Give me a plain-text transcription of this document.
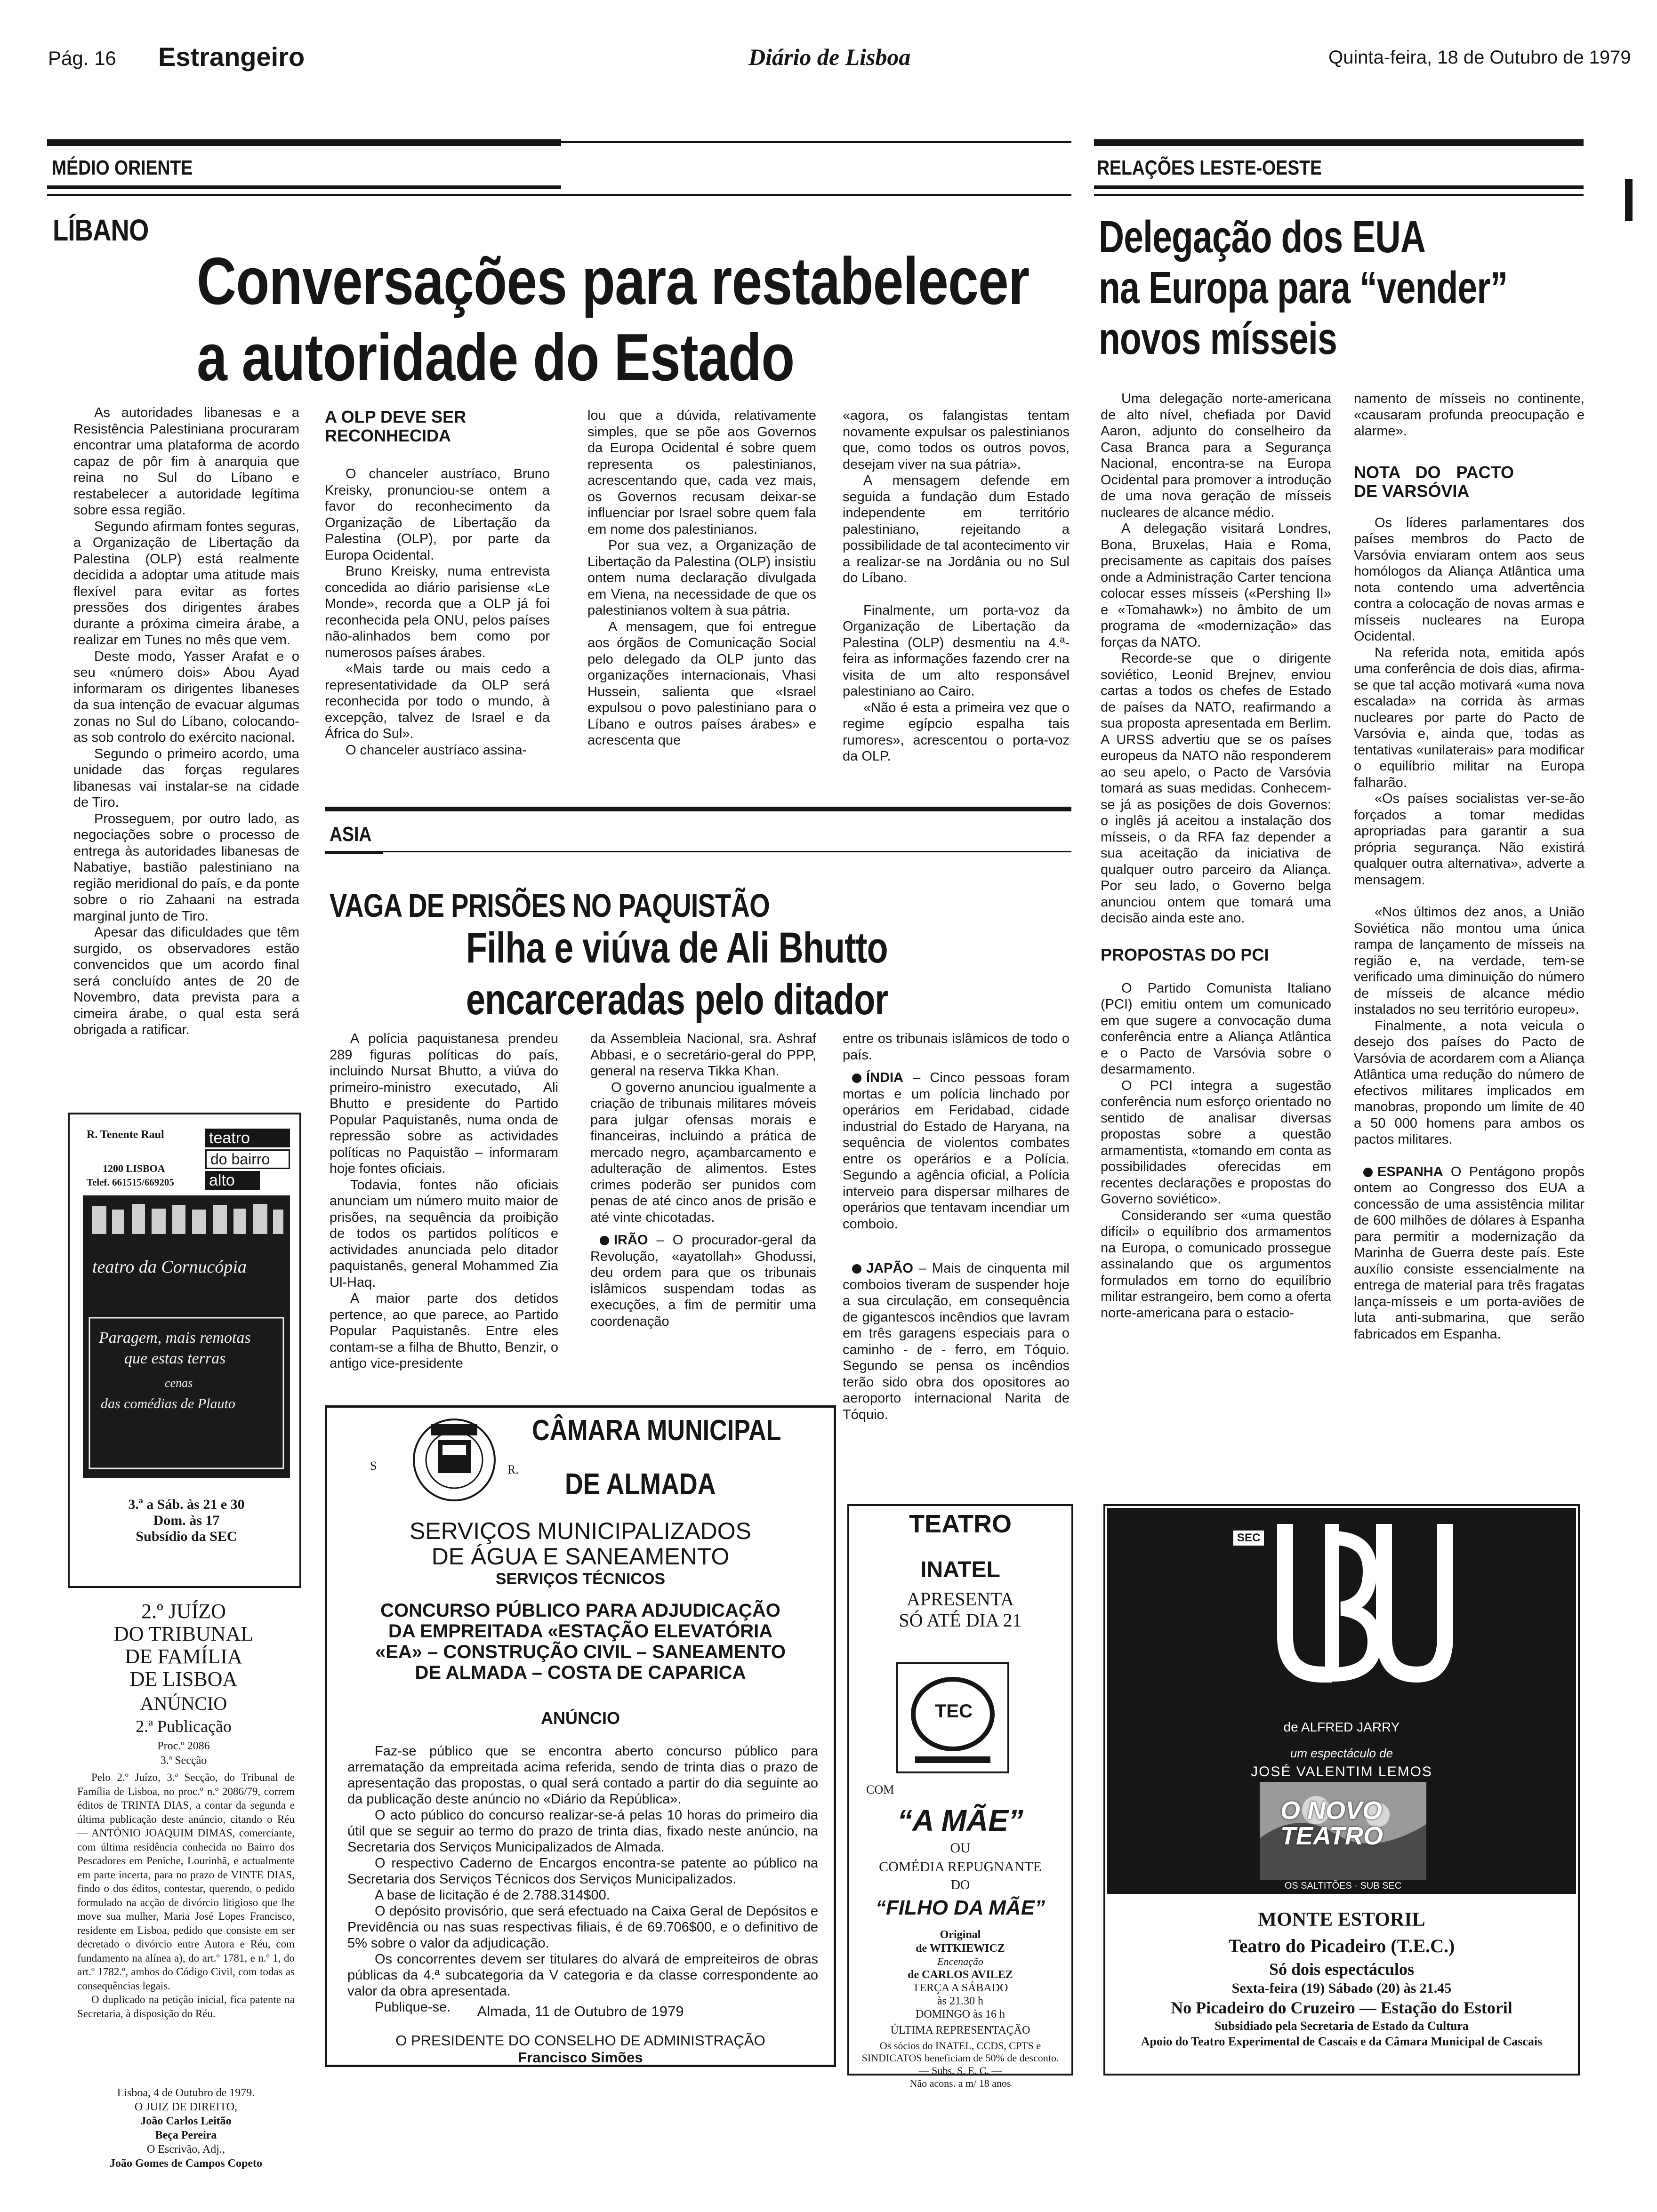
Pág. 16 Estrangeiro	Diário de Lisboa	Quinta-feira, 18 de Outubro de 1979
MÉDIO ORIENTE
LÍBANO
Conversações para restabelecer
a autoridade do Estado

As autoridades libanesas e a Resistência Palestiniana procuraram encontrar uma plataforma de acordo capaz de pôr fim à anarquia que reina no Sul do Líbano e restabelecer a autoridade legítima sobre essa região.

Segundo afirmam fontes seguras, a Organização de Libertação da Palestina (OLP) está realmente decidida a adoptar uma atitude mais flexível para evitar as fortes pressões dos dirigentes árabes durante a próxima cimeira árabe, a realizar em Tunes no mês que vem.

Deste modo, Yasser Arafat e o seu «número dois» Abou Ayad informaram os dirigentes libaneses da sua intenção de evacuar algumas zonas no Sul do Líbano, colocando-as sob controlo do exército nacional.

Segundo o primeiro acordo, uma unidade das forças regulares libanesas vai instalar-se na cidade de Tiro.

Prosseguem, por outro lado, as negociações sobre o processo de entrega às autoridades libanesas de Nabatiye, bastião palestiniano na região meridional do país, e da ponte sobre o rio Zahaani na estrada marginal junto de Tiro.

Apesar das dificuldades que têm surgido, os observadores estão convencidos que um acordo final será concluído antes de 20 de Novembro, data prevista para a cimeira árabe, o qual esta será obrigada a ratificar.

A OLP DEVE SER RECONHECIDA

O chanceler austríaco, Bruno Kreisky, pronunciou-se ontem a favor do reconhecimento da Organização de Libertação da Palestina (OLP), por parte da Europa Ocidental.

Bruno Kreisky, numa entrevista concedida ao diário parisiense «Le Monde», recorda que a OLP já foi reconhecida pela ONU, pelos países não-alinhados bem como por numerosos países árabes.

«Mais tarde ou mais cedo a representatividade da OLP será reconhecida por todo o mundo, à excepção, talvez de Israel e da África do Sul».

O chanceler austríaco assina-

lou que a dúvida, relativamente simples, que se põe aos Governos da Europa Ocidental é sobre quem representa os palestinianos, acrescentando que, cada vez mais, os Governos recusam deixar-se influenciar por Israel sobre quem fala em nome dos palestinianos.

Por sua vez, a Organização de Libertação da Palestina (OLP) insistiu ontem numa declaração divulgada em Viena, na necessidade de que os palestinianos voltem à sua pátria.

A mensagem, que foi entregue aos órgãos de Comunicação Social pelo delegado da OLP junto das organizações internacionais, Vhasi Hussein, salienta que «Israel expulsou o povo palestiniano para o Líbano e outros países árabes» e acrescenta que

«agora, os falangistas tentam novamente expulsar os palestinianos que, como todos os outros povos, desejam viver na sua pátria».

A mensagem defende em seguida a fundação dum Estado independente em território palestiniano, rejeitando a possibilidade de tal acontecimento vir a realizar-se na Jordânia ou no Sul do Líbano.

Finalmente, um porta-voz da Organização de Libertação da Palestina (OLP) desmentiu na 4.ª-feira as informações fazendo crer na visita de um alto responsável palestiniano ao Cairo.

«Não é esta a primeira vez que o regime egípcio espalha tais rumores», acrescentou o porta-voz da OLP.

ASIA
VAGA DE PRISÕES NO PAQUISTÃO
Filha e viúva de Ali Bhutto
encarceradas pelo ditador

A polícia paquistanesa prendeu 289 figuras políticas do país, incluindo Nursat Bhutto, a viúva do primeiro-ministro executado, Ali Bhutto e presidente do Partido Popular Paquistanês, numa onda de repressão sobre as actividades políticas no Paquistão – informaram hoje fontes oficiais.

Todavia, fontes não oficiais anunciam um número muito maior de prisões, na sequência da proibição de todos os partidos políticos e actividades anunciada pelo ditador paquistanês, general Mohammed Zia Ul-Haq.

A maior parte dos detidos pertence, ao que parece, ao Partido Popular Paquistanês. Entre eles contam-se a filha de Bhutto, Benzir, o antigo vice-presidente

da Assembleia Nacional, sra. Ashraf Abbasi, e o secretário-geral do PPP, general na reserva Tikka Khan.

O governo anunciou igualmente a criação de tribunais militares móveis para julgar ofensas morais e financeiras, incluindo a prática de mercado negro, açambarcamento e adulteração de alimentos. Estes crimes poderão ser punidos com penas de até cinco anos de prisão e até vinte chicotadas.

IRÃO – O procurador-geral da Revolução, «ayatollah» Ghodussi, deu ordem para que os tribunais islâmicos suspendam todas as execuções, a fim de permitir uma coordenação

entre os tribunais islâmicos de todo o país.

ÍNDIA – Cinco pessoas foram mortas e um polícia linchado por operários em Feridabad, cidade industrial do Estado de Haryana, na sequência de violentos combates entre os operários e a Polícia. Segundo a agência oficial, a Polícia interveio para dispersar milhares de operários que tentavam incendiar um comboio.

JAPÃO – Mais de cinquenta mil comboios tiveram de suspender hoje a sua circulação, em consequência de gigantescos incêndios que lavram em três garagens especiais para o caminho - de - ferro, em Tóquio. Segundo se pensa os incêndios terão sido obra dos opositores ao aeroporto internacional Narita de Tóquio.

RELAÇÕES LESTE-OESTE
Delegação dos EUA
na Europa para “vender”
novos mísseis

Uma delegação norte-americana de alto nível, chefiada por David Aaron, adjunto do conselheiro da Casa Branca para a Segurança Nacional, encontra-se na Europa Ocidental para promover a introdução de uma nova geração de mísseis nucleares de alcance médio.

A delegação visitará Londres, Bona, Bruxelas, Haia e Roma, precisamente as capitais dos países onde a Administração Carter tenciona colocar esses mísseis («Pershing II» e «Tomahawk») no âmbito de um programa de «modernização» das forças da NATO.

Recorde-se que o dirigente soviético, Leonid Brejnev, enviou cartas a todos os chefes de Estado de países da NATO, reafirmando a sua proposta apresentada em Berlim. A URSS advertiu que se os países europeus da NATO não responderem ao seu apelo, o Pacto de Varsóvia tomará as suas medidas. Conhecem-se já as posições de dois Governos: o inglês já aceitou a instalação dos mísseis, o da RFA faz depender a sua aceitação da iniciativa de qualquer outro parceiro da Aliança. Por seu lado, o Governo belga anunciou ontem que tomará uma decisão ainda este ano.

PROPOSTAS DO PCI

O Partido Comunista Italiano (PCI) emitiu ontem um comunicado em que sugere a convocação duma conferência entre a Aliança Atlântica e o Pacto de Varsóvia sobre o desarmamento.

O PCI integra a sugestão conferência num esforço orientado no sentido de analisar diversas propostas sobre a questão armamentista, «tomando em conta as possibilidades oferecidas em recentes declarações e propostas do Governo soviético».

Considerando ser «uma questão difícil» o equilíbrio dos armamentos na Europa, o comunicado prossegue assinalando que os argumentos formulados em torno do equilíbrio militar estrangeiro, bem como a oferta norte-americana para o estacio-

namento de mísseis no continente, «causaram profunda preocupação e alarme».

NOTA DO PACTO DE VARSÓVIA

Os líderes parlamentares dos países membros do Pacto de Varsóvia enviaram ontem aos seus homólogos da Aliança Atlântica uma nota contendo uma advertência contra a colocação de novas armas e mísseis nucleares na Europa Ocidental.

Na referida nota, emitida após uma conferência de dois dias, afirma-se que tal acção motivará «uma nova escalada» na corrida às armas nucleares por parte do Pacto de Varsóvia e, ainda que, todas as tentativas «unilaterais» para modificar o equilíbrio militar na Europa falharão.

«Os países socialistas ver-se-ão forçados a tomar medidas apropriadas para garantir a sua própria segurança. Não existirá qualquer outra alternativa», adverte a mensagem.

«Nos últimos dez anos, a União Soviética não montou uma única rampa de lançamento de mísseis na região e, na verdade, tem-se verificado uma diminuição do número de mísseis de alcance médio instalados no seu território europeu».

Finalmente, a nota veicula o desejo dos países do Pacto de Varsóvia de acordarem com a Aliança Atlântica uma redução do número de efectivos militares implicados em manobras, propondo um limite de 40 a 50 000 homens para ambos os pactos militares.

ESPANHA O Pentágono propôs ontem ao Congresso dos EUA a concessão de uma assistência militar de 600 milhões de dólares à Espanha para permitir a modernização da Marinha de Guerra deste país. Este auxílio consiste essencialmente na entrega de material para três fragatas lança-mísseis e um porta-aviões de luta anti-submarina, que serão fabricados em Espanha.

R. Tenente Raul
1200 LISBOA
Telef. 661515/669205
teatro
do bairro
alto
teatro da Cornucópia
Paragem, mais remotas
que estas terras
cenas
das comédias de Plauto
3.ª a Sáb. às 21 e 30
Dom. às 17
Subsídio da SEC
2.º JUÍZO
DO TRIBUNAL
DE FAMÍLIA
DE LISBOA
ANÚNCIO
2.ª Publicação
Proc.º 2086
3.ª Secção
Pelo 2.º Juízo, 3.ª Secção, do Tribunal de Família de Lisboa, no proc.º n.º 2086/79, correm éditos de TRINTA DIAS, a contar da segunda e última publicação deste anúncio, citando o Réu — ANTÓNIO JOAQUIM DIMAS, comerciante, com última residência conhecida no Bairro dos Pescadores em Peniche, Lourinhã, e actualmente em parte incerta, para no prazo de VINTE DIAS, findo o dos éditos, contestar, querendo, o pedido formulado na acção de divórcio litigioso que lhe move sua mulher, Maria José Lopes Francisco, residente em Lisboa, pedido que consiste em ser decretado o divórcio entre Autora e Réu, com fundamento na alínea a), do art.º 1781, e n.º 1, do art.º 1782.º, ambos do Código Civil, com todas as consequências legais.
O duplicado na petição inicial, fica patente na Secretaria, à disposição do Réu.
Lisboa, 4 de Outubro de 1979.
O JUIZ DE DIREITO,
João Carlos Leitão
Beça Pereira
O Escrivão, Adj.,
João Gomes de Campos Copeto
S	R.
CÂMARA MUNICIPAL
DE ALMADA
SERVIÇOS MUNICIPALIZADOS
DE ÁGUA E SANEAMENTO
SERVIÇOS TÉCNICOS
CONCURSO PÚBLICO PARA ADJUDICAÇÃO
DA EMPREITADA «ESTAÇÃO ELEVATÓRIA
«EA» – CONSTRUÇÃO CIVIL – SANEAMENTO
DE ALMADA – COSTA DE CAPARICA
ANÚNCIO

Faz-se público que se encontra aberto concurso público para arrematação da empreitada acima referida, sendo de trinta dias o prazo de apresentação das propostas, o qual será contado a partir do dia seguinte ao da publicação deste anúncio no «Diário da República».

O acto público do concurso realizar-se-á pelas 10 horas do primeiro dia útil que se seguir ao termo do prazo de trinta dias, fixado neste anúncio, na Secretaria dos Serviços Municipalizados de Almada.

O respectivo Caderno de Encargos encontra-se patente ao público na Secretaria dos Serviços Técnicos dos Serviços Municipalizados.

A base de licitação é de 2.788.314$00.

O depósito provisório, que será efectuado na Caixa Geral de Depósitos e Previdência ou nas suas respectivas filiais, é de 69.706$00, e o definitivo de 5% sobre o valor da adjudicação.

Os concorrentes devem ser titulares do alvará de empreiteiros de obras públicas da 4.ª subcategoria da V categoria e da classe correspondente ao valor da obra apresentada.

Publique-se.	Almada, 11 de Outubro de 1979
O PRESIDENTE DO CONSELHO DE ADMINISTRAÇÃO
Francisco Simões
TEATRO
INATEL
APRESENTA
SÓ ATÉ DIA 21
TEC
COM
“A MÃE”
OU
COMÉDIA REPUGNANTE
DO
“FILHO DA MÃE”
Original
de WITKIEWICZ
Encenação
de CARLOS AVILEZ
TERÇA A SÁBADO
às 21.30 h
DOMINGO às 16 h
ÚLTIMA REPRESENTAÇÃO
Os sócios do INATEL, CCDS, CPTS e SINDICATOS beneficiam de 50% de desconto.
— Subs. S. E. C. —
Não acons. a m/ 18 anos
UBU
SEC
de ALFRED JARRY
um espectáculo de
JOSÉ VALENTIM LEMOS
O NOVO TEATRO
OS SALTITÕES · SUB SEC
MONTE ESTORIL
Teatro do Picadeiro (T.E.C.)
Só dois espectáculos
Sexta-feira (19) Sábado (20) às 21.45
No Picadeiro do Cruzeiro — Estação do Estoril
Subsidiado pela Secretaria de Estado da Cultura
Apoio do Teatro Experimental de Cascais e da Câmara Municipal de Cascais
